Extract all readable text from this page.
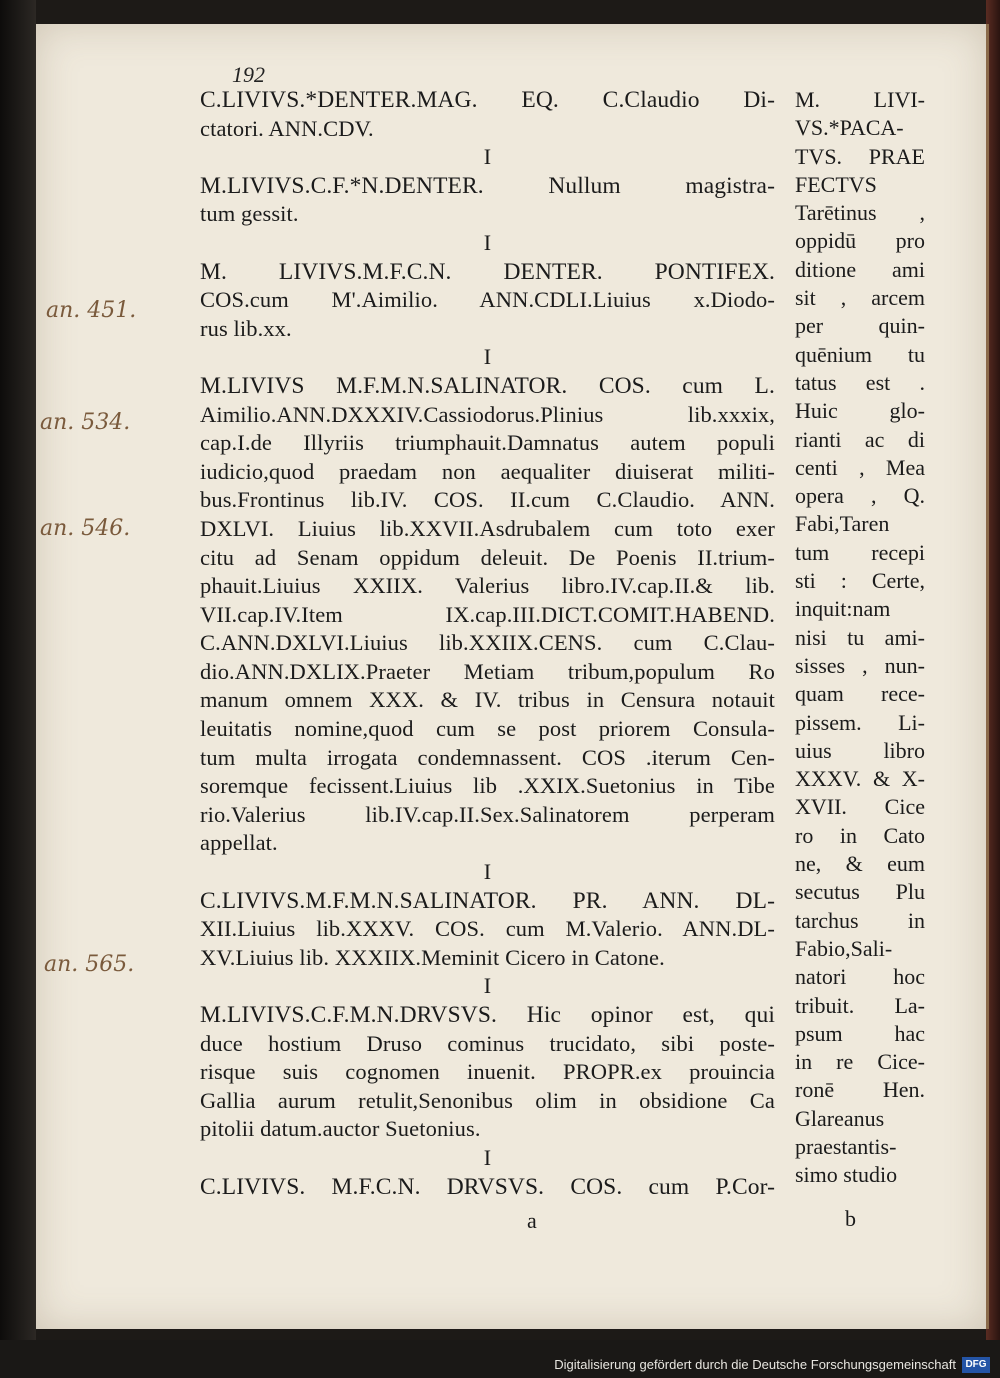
192
an. 451.
an. 534.
an. 546.
an. 565.
C.LIVIVS.*DENTER.MAG. EQ. C.Claudio Di-
ctatori. ANN.CDV.
I
M.LIVIVS.C.F.*N.DENTER. Nullum magistra-
tum gessit.
I
M. LIVIVS.M.F.C.N. DENTER. PONTIFEX.
COS.cum M'.Aimilio. ANN.CDLI.Liuius x.Diodo-
rus lib.xx.
I
M.LIVIVS M.F.M.N.SALINATOR. COS. cum L.
Aimilio.ANN.DXXXIV.Cassiodorus.Plinius lib.xxxix,
cap.I.de Illyriis triumphauit.Damnatus autem populi
iudicio,quod praedam non aequaliter diuiserat militi-
bus.Frontinus lib.IV. COS. II.cum C.Claudio. ANN.
DXLVI. Liuius lib.XXVII.Asdrubalem cum toto exer
citu ad Senam oppidum deleuit. De Poenis II.trium-
phauit.Liuius XXIIX. Valerius libro.IV.cap.II.& lib.
VII.cap.IV.Item IX.cap.III.DICT.COMIT.HABEND.
C.ANN.DXLVI.Liuius lib.XXIIX.CENS. cum C.Clau-
dio.ANN.DXLIX.Praeter Metiam tribum,populum Ro
manum omnem XXX. & IV. tribus in Censura notauit
leuitatis nomine,quod cum se post priorem Consula-
tum multa irrogata condemnassent. COS .iterum Cen-
soremque fecissent.Liuius lib .XXIX.Suetonius in Tibe
rio.Valerius lib.IV.cap.II.Sex.Salinatorem perperam
appellat.
I
C.LIVIVS.M.F.M.N.SALINATOR. PR. ANN. DL-
XII.Liuius lib.XXXV. COS. cum M.Valerio. ANN.DL-
XV.Liuius lib. XXXIIX.Meminit Cicero in Catone.
I
M.LIVIVS.C.F.M.N.DRVSVS. Hic opinor est, qui
duce hostium Druso cominus trucidato, sibi poste-
risque suis cognomen inuenit. PROPR.ex prouincia
Gallia aurum retulit,Senonibus olim in obsidione Ca
pitolii datum.auctor Suetonius.
I
C.LIVIVS. M.F.C.N. DRVSVS. COS. cum P.Cor-
M. LIVI-
VS.*PACA-
TVS. PRAE
FECTVS
Tarētinus ,
oppidū pro
ditione ami
sit , arcem
per quin-
quēnium tu
tatus est .
Huic glo-
rianti ac di
centi , Mea
opera , Q.
Fabi,Taren
tum recepi
sti : Certe,
inquit:nam
nisi tu ami-
sisses , nun-
quam rece-
pissem. Li-
uius libro
XXXV. & X-
XVII. Cice
ro in Cato
ne, & eum
secutus Plu
tarchus in
Fabio,Sali-
natori hoc
tribuit. La-
psum hac
in re Cice-
ronē Hen.
Glareanus
praestantis-
simo studio
a	b
Digitalisierung gefördert durch die Deutsche Forschungsgemeinschaft DFG
